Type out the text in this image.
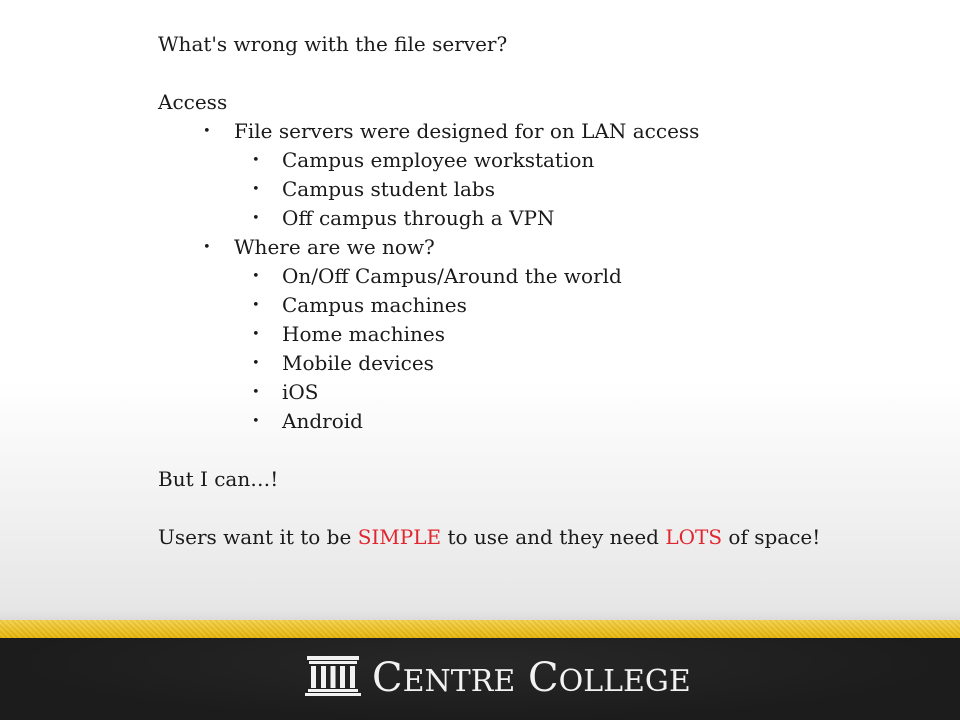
What's wrong with the file server?
Access
• File servers were designed for on LAN access
• Campus employee workstation
• Campus student labs
• Off campus through a VPN
• Where are we now?
• On/Off Campus/Around the world
• Campus machines
• Home machines
• Mobile devices
• iOS
• Android
But I can…!
Users want it to be SIMPLE to use and they need LOTS of space!
CENTRE COLLEGE
